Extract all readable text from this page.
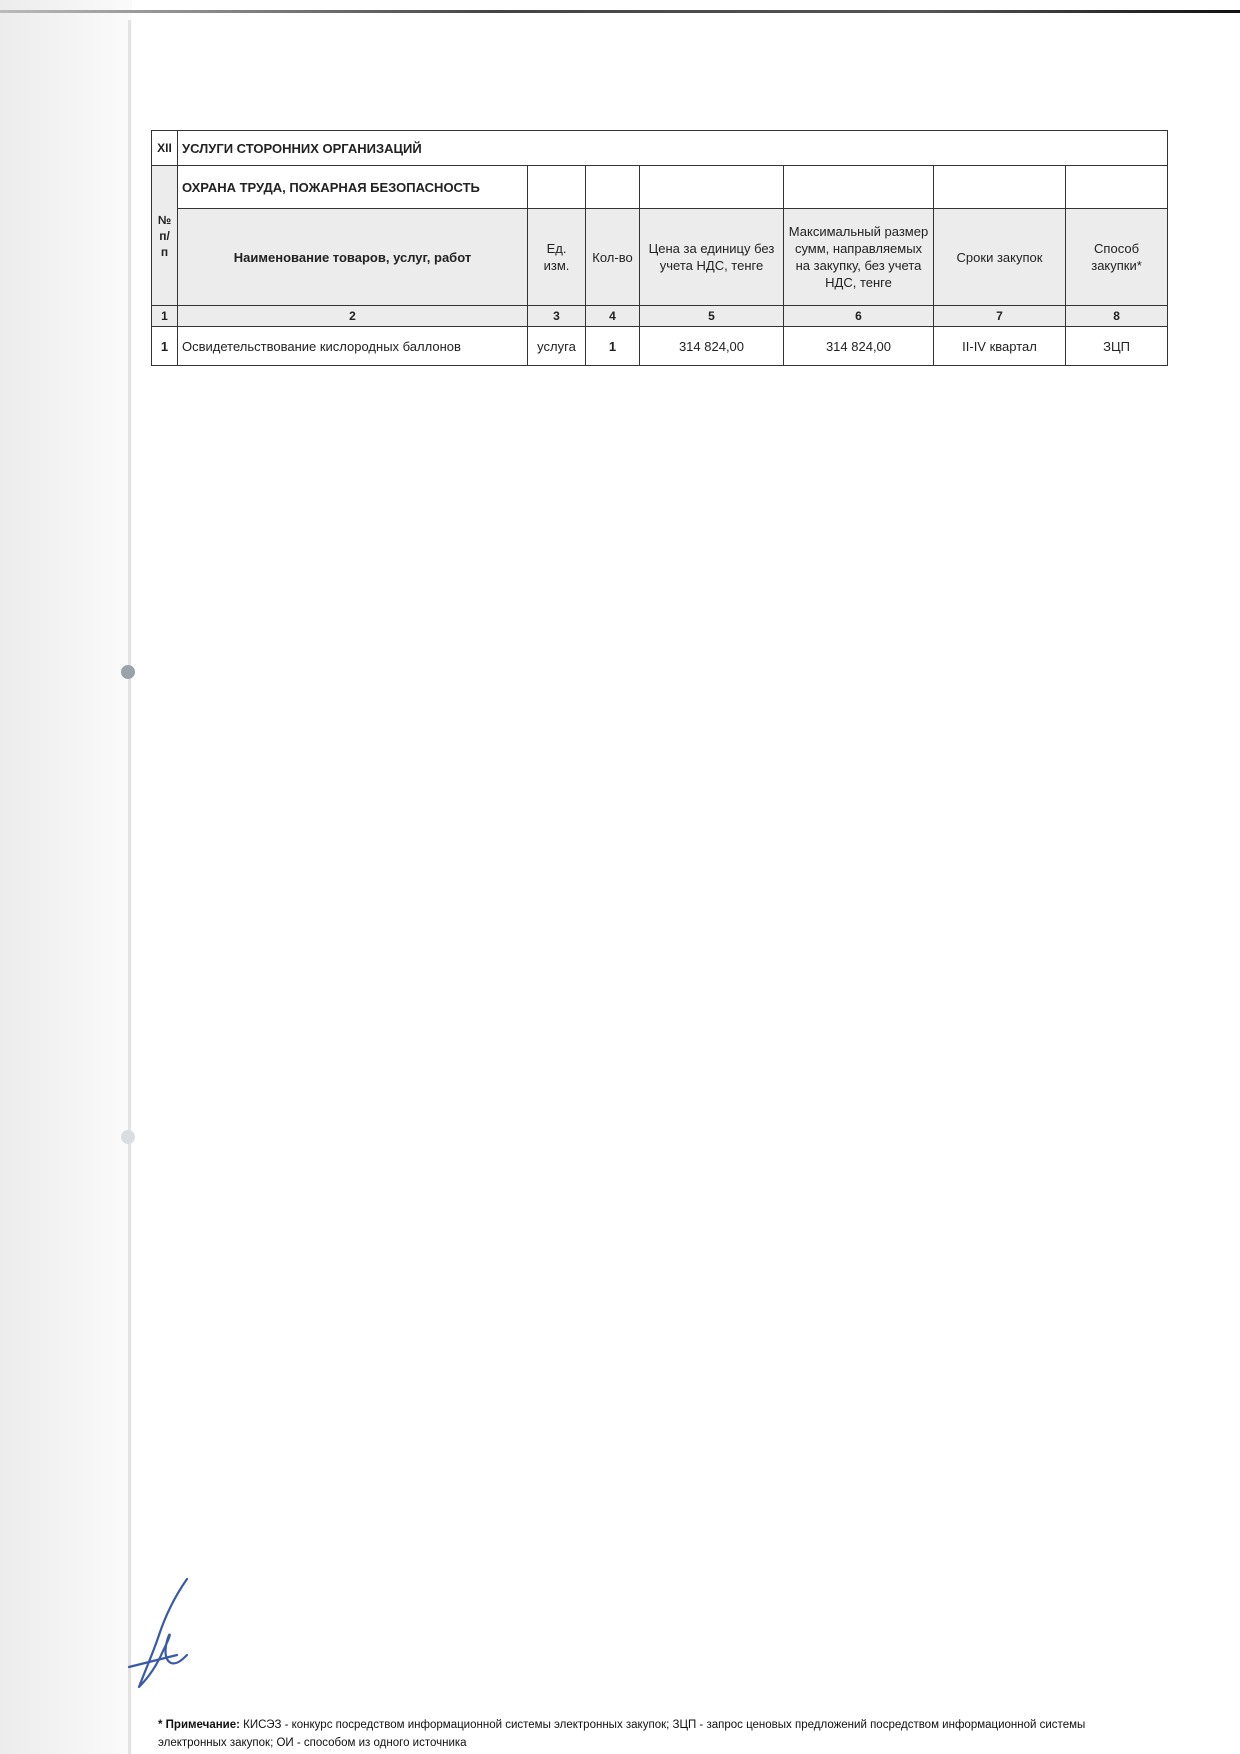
XII	УСЛУГИ СТОРОННИХ ОРГАНИЗАЦИЙ						
№ п/п	ОХРАНА ТРУДА, ПОЖАРНАЯ БЕЗОПАСНОСТЬ						
	Наименование товаров, услуг, работ	Ед. изм.	Кол-во	Цена за единицу без учета НДС, тенге	Максимальный размер сумм, направляемых на закупку, без учета НДС, тенге	Сроки закупок	Способ закупки*
1	2	3	4	5	6	7	8
1	Освидетельствование кислородных баллонов	услуга	1	314 824,00	314 824,00	II-IV квартал	ЗЦП
* Примечание: КИСЭЗ - конкурс посредством информационной системы электронных закупок; ЗЦП - запрос ценовых предложений посредством информационной системы электронных закупок; ОИ - способом из одного источника
